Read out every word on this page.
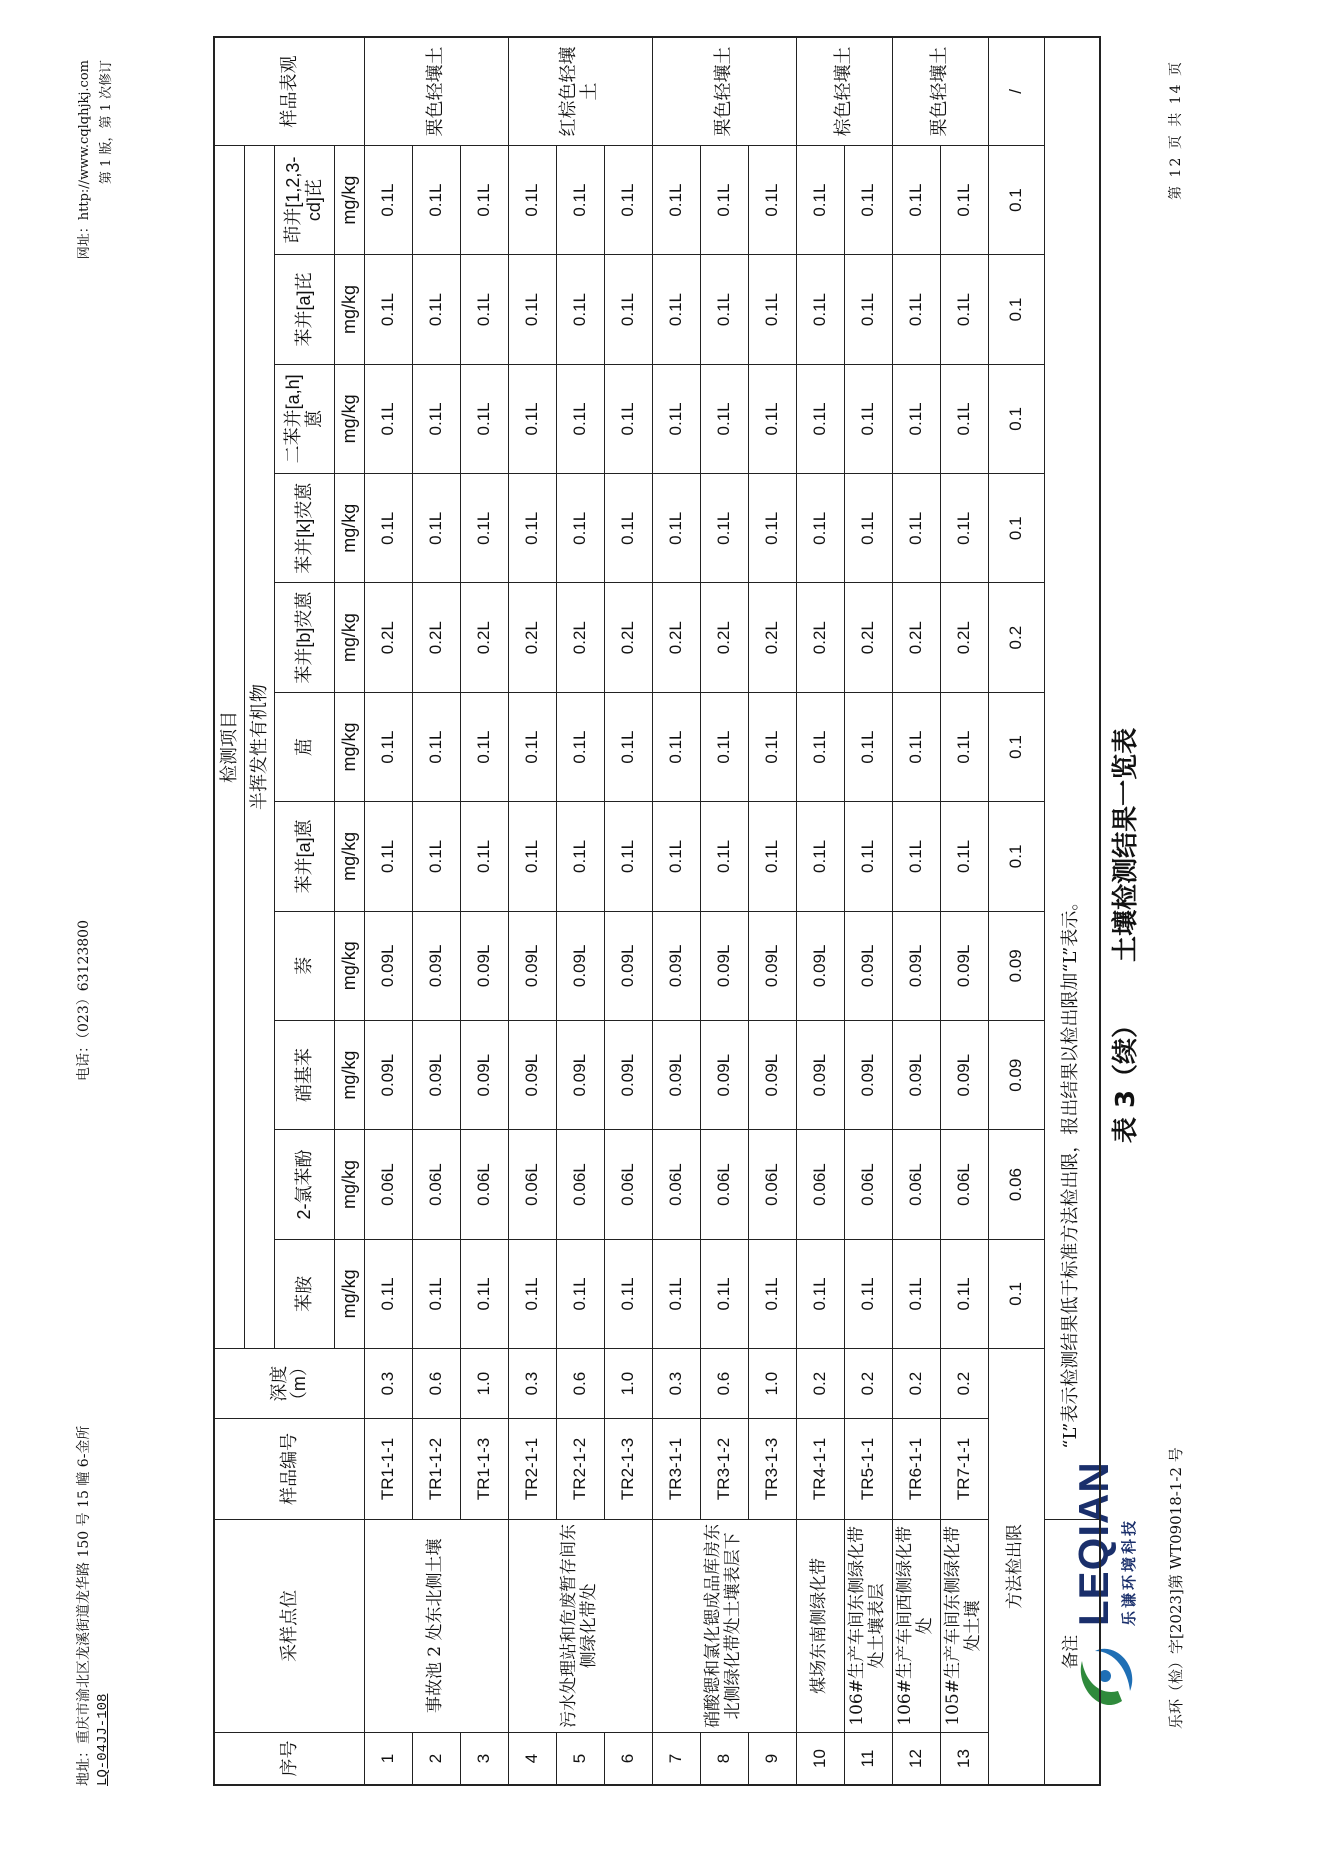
LEQIAN 乐谦环境科技 乐环（检）字[2023]第 WT09018-1-2 号
第 12 页 共 14 页
表 3（续）土壤检测结果一览表
序号	采样点位	样品编号	深度（m）	检测项目											样品表观
				半挥发性有机物											
				苯胺	2-氯苯酚	硝基苯	萘	苯并[a]蒽	䓛	苯并[b]荧蒽	苯并[k]荧蒽	二苯并[a,h]蒽	苯并[a]芘	茚并[1,2,3-cd]芘	
				mg/kg	mg/kg	mg/kg	mg/kg	mg/kg	mg/kg	mg/kg	mg/kg	mg/kg	mg/kg	mg/kg	
1	事故池 2 处东北侧土壤	TR1-1-1	0.3	0.1L	0.06L	0.09L	0.09L	0.1L	0.1L	0.2L	0.1L	0.1L	0.1L	0.1L	栗色轻壤土
2		TR1-1-2	0.6	0.1L	0.06L	0.09L	0.09L	0.1L	0.1L	0.2L	0.1L	0.1L	0.1L	0.1L	
3		TR1-1-3	1.0	0.1L	0.06L	0.09L	0.09L	0.1L	0.1L	0.2L	0.1L	0.1L	0.1L	0.1L	
4	污水处理站和危废暂存间东侧绿化带处	TR2-1-1	0.3	0.1L	0.06L	0.09L	0.09L	0.1L	0.1L	0.2L	0.1L	0.1L	0.1L	0.1L	红棕色轻壤土
5		TR2-1-2	0.6	0.1L	0.06L	0.09L	0.09L	0.1L	0.1L	0.2L	0.1L	0.1L	0.1L	0.1L	
6		TR2-1-3	1.0	0.1L	0.06L	0.09L	0.09L	0.1L	0.1L	0.2L	0.1L	0.1L	0.1L	0.1L	
7	硝酸锶和氯化锶成品库房东北侧绿化带处土壤表层下	TR3-1-1	0.3	0.1L	0.06L	0.09L	0.09L	0.1L	0.1L	0.2L	0.1L	0.1L	0.1L	0.1L	栗色轻壤土
8		TR3-1-2	0.6	0.1L	0.06L	0.09L	0.09L	0.1L	0.1L	0.2L	0.1L	0.1L	0.1L	0.1L	
9		TR3-1-3	1.0	0.1L	0.06L	0.09L	0.09L	0.1L	0.1L	0.2L	0.1L	0.1L	0.1L	0.1L	
10	煤场东南侧绿化带	TR4-1-1	0.2	0.1L	0.06L	0.09L	0.09L	0.1L	0.1L	0.2L	0.1L	0.1L	0.1L	0.1L	棕色轻壤土
11	106#生产车间东侧绿化带处土壤表层	TR5-1-1	0.2	0.1L	0.06L	0.09L	0.09L	0.1L	0.1L	0.2L	0.1L	0.1L	0.1L	0.1L	
12	106#生产车间西侧绿化带处	TR6-1-1	0.2	0.1L	0.06L	0.09L	0.09L	0.1L	0.1L	0.2L	0.1L	0.1L	0.1L	0.1L	栗色轻壤土
13	105#生产车间东侧绿化带处土壤	TR7-1-1	0.2	0.1L	0.06L	0.09L	0.09L	0.1L	0.1L	0.2L	0.1L	0.1L	0.1L	0.1L	
方法检出限				0.1	0.06	0.09	0.09	0.1	0.1	0.2	0.1	0.1	0.1	0.1	/
备注		“L”表示检测结果低于标准方法检出限，报出结果以检出限加“L”表示。													
LQ-04JJ-108
地址：重庆市渝北区龙溪街道龙华路 150 号 15 幢 6-金所
电话：（023）63123800
第 1 版，第 1 次修订
网址：http://www.cqlqhjkj.com
